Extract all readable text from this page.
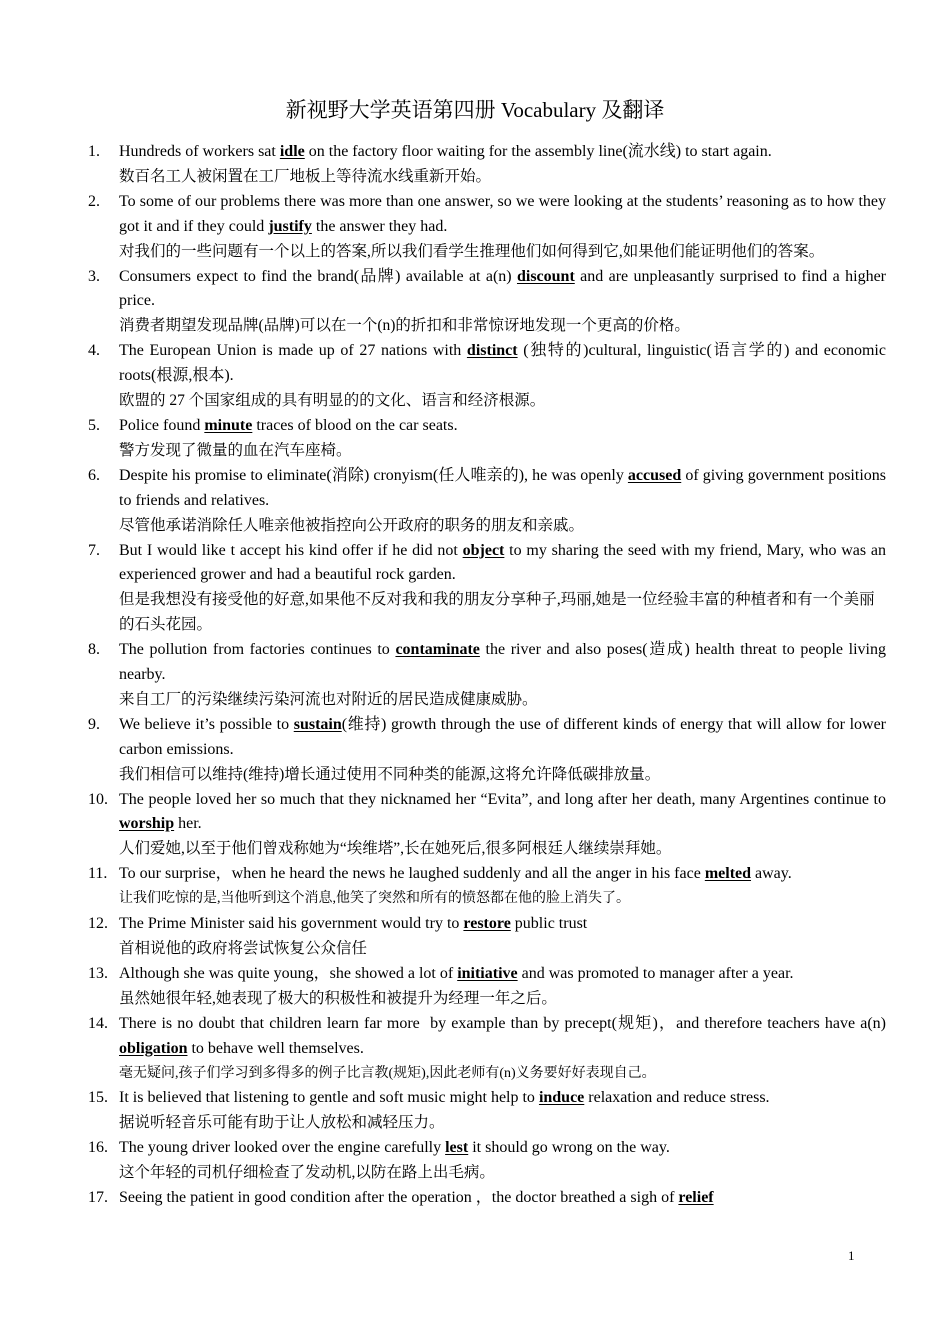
新视野大学英语第四册 Vocabulary 及翻译
1. Hundreds of workers sat idle on the factory floor waiting for the assembly line(流水线) to start again.
数百名工人被闲置在工厂地板上等待流水线重新开始。
2. To some of our problems there was more than one answer, so we were looking at the students’ reasoning as to how they got it and if they could justify the answer they had.
对我们的一些问题有一个以上的答案,所以我们看学生推理他们如何得到它,如果他们能证明他们的答案。
3. Consumers expect to find the brand(品牌) available at a(n) discount and are unpleasantly surprised to find a higher price.
消费者期望发现品牌(品牌)可以在一个(n)的折扣和非常惊讶地发现一个更高的价格。
4. The European Union is made up of 27 nations with distinct (独特的)cultural, linguistic(语言学的) and economic roots(根源,根本).
欧盟的 27 个国家组成的具有明显的的文化、语言和经济根源。
5. Police found minute traces of blood on the car seats.
警方发现了微量的血在汽车座椅。
6. Despite his promise to eliminate(消除) cronyism(任人唯亲的), he was openly accused of giving government positions to friends and relatives.
尽管他承诺消除任人唯亲他被指控向公开政府的职务的朋友和亲戚。
7. But I would like t accept his kind offer if he did not object to my sharing the seed with my friend, Mary, who was an experienced grower and had a beautiful rock garden.
但是我想没有接受他的好意,如果他不反对我和我的朋友分享种子,玛丽,她是一位经验丰富的种植者和有一个美丽的石头花园。
8. The pollution from factories continues to contaminate the river and also poses(造成) health threat to people living nearby.
来自工厂的污染继续污染河流也对附近的居民造成健康威胁。
9. We believe it’s possible to sustain(维持) growth through the use of different kinds of energy that will allow for lower carbon emissions.
我们相信可以维持(维持)增长通过使用不同种类的能源,这将允许降低碳排放量。
10. The people loved her so much that they nicknamed her “Evita”, and long after her death, many Argentines continue to worship her.
人们爱她,以至于他们曾戏称她为“埃维塔”,长在她死后,很多阿根廷人继续崇拜她。
11. To our surprise，when he heard the news he laughed suddenly and all the anger in his face melted away.
让我们吃惊的是,当他听到这个消息,他笑了突然和所有的愤怒都在他的脸上消失了。
12. The Prime Minister said his government would try to restore public trust
首相说他的政府将尝试恢复公众信任
13. Although she was quite young，she showed a lot of initiative and was promoted to manager after a year.
虽然她很年轻,她表现了极大的积极性和被提升为经理一年之后。
14. There is no doubt that children learn far more  by example than by precept(规矩)，and therefore teachers have a(n)    obligation to behave well themselves.
毫无疑问,孩子们学习到多得多的例子比言教(规矩),因此老师有(n)义务要好好表现自己。
15. It is believed that listening to gentle and soft music might help to induce relaxation and reduce stress.
据说听轻音乐可能有助于让人放松和减轻压力。
16. The young driver looked over the engine carefully lest it should go wrong on the way.
这个年轻的司机仔细检查了发动机,以防在路上出毛病。
17. Seeing the patient in good condition after the operation ，the doctor breathed a sigh of relief
1
